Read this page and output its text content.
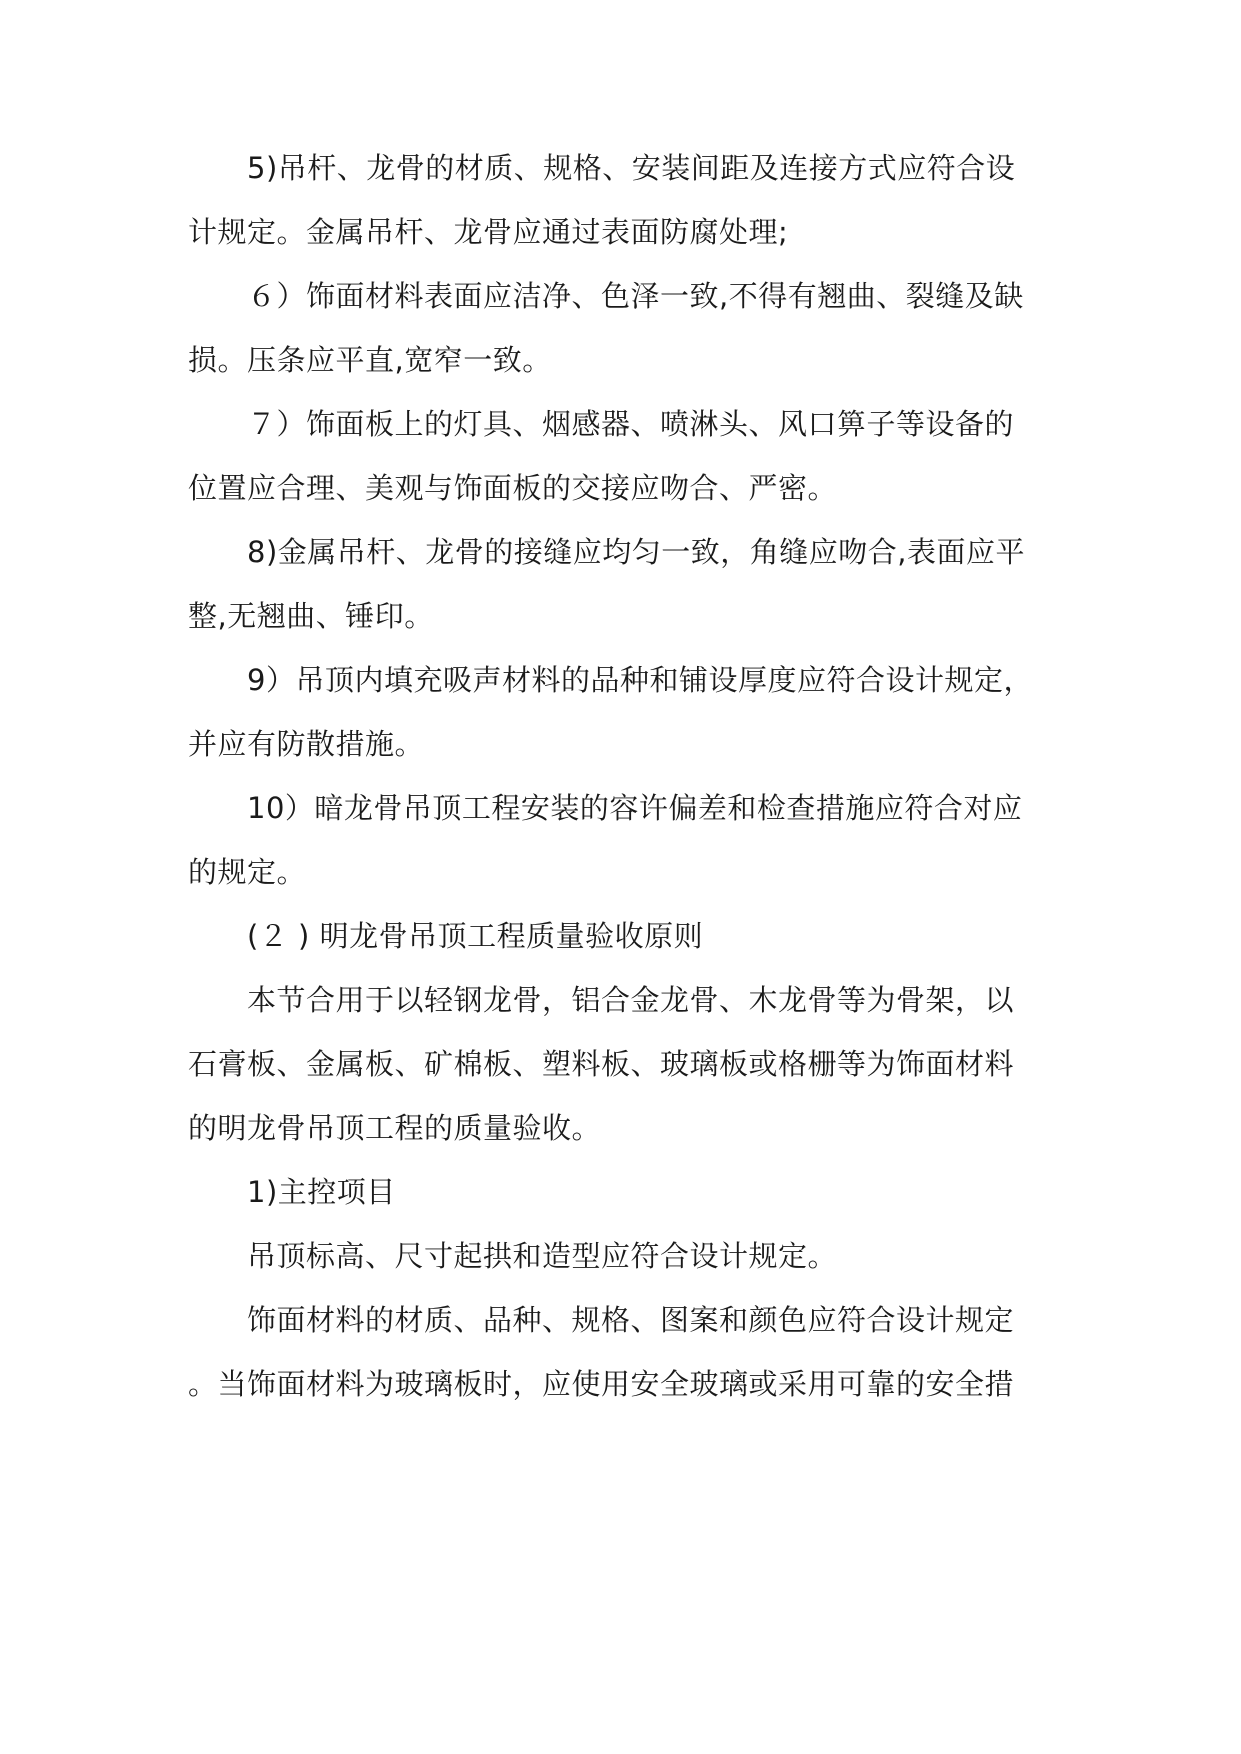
5)吊杆、龙骨的材质、规格、安装间距及连接方式应符合设
计规定。金属吊杆、龙骨应通过表面防腐处理;
６）饰面材料表面应洁净、色泽一致,不得有翘曲、裂缝及缺
损。压条应平直,宽窄一致。
７）饰面板上的灯具、烟感器、喷淋头、风口箅子等设备的
位置应合理、美观与饰面板的交接应吻合、严密。
8)金属吊杆、龙骨的接缝应均匀一致，角缝应吻合,表面应平
整,无翘曲、锤印。
9）吊顶内填充吸声材料的品种和铺设厚度应符合设计规定，
并应有防散措施。
10）暗龙骨吊顶工程安装的容许偏差和检查措施应符合对应
的规定。
(２ ) 明龙骨吊顶工程质量验收原则
本节合用于以轻钢龙骨，铝合金龙骨、木龙骨等为骨架，以
石膏板、金属板、矿棉板、塑料板、玻璃板或格栅等为饰面材料
的明龙骨吊顶工程的质量验收。
1)主控项目
吊顶标高、尺寸起拱和造型应符合设计规定。
饰面材料的材质、品种、规格、图案和颜色应符合设计规定
。当饰面材料为玻璃板时，应使用安全玻璃或采用可靠的安全措
